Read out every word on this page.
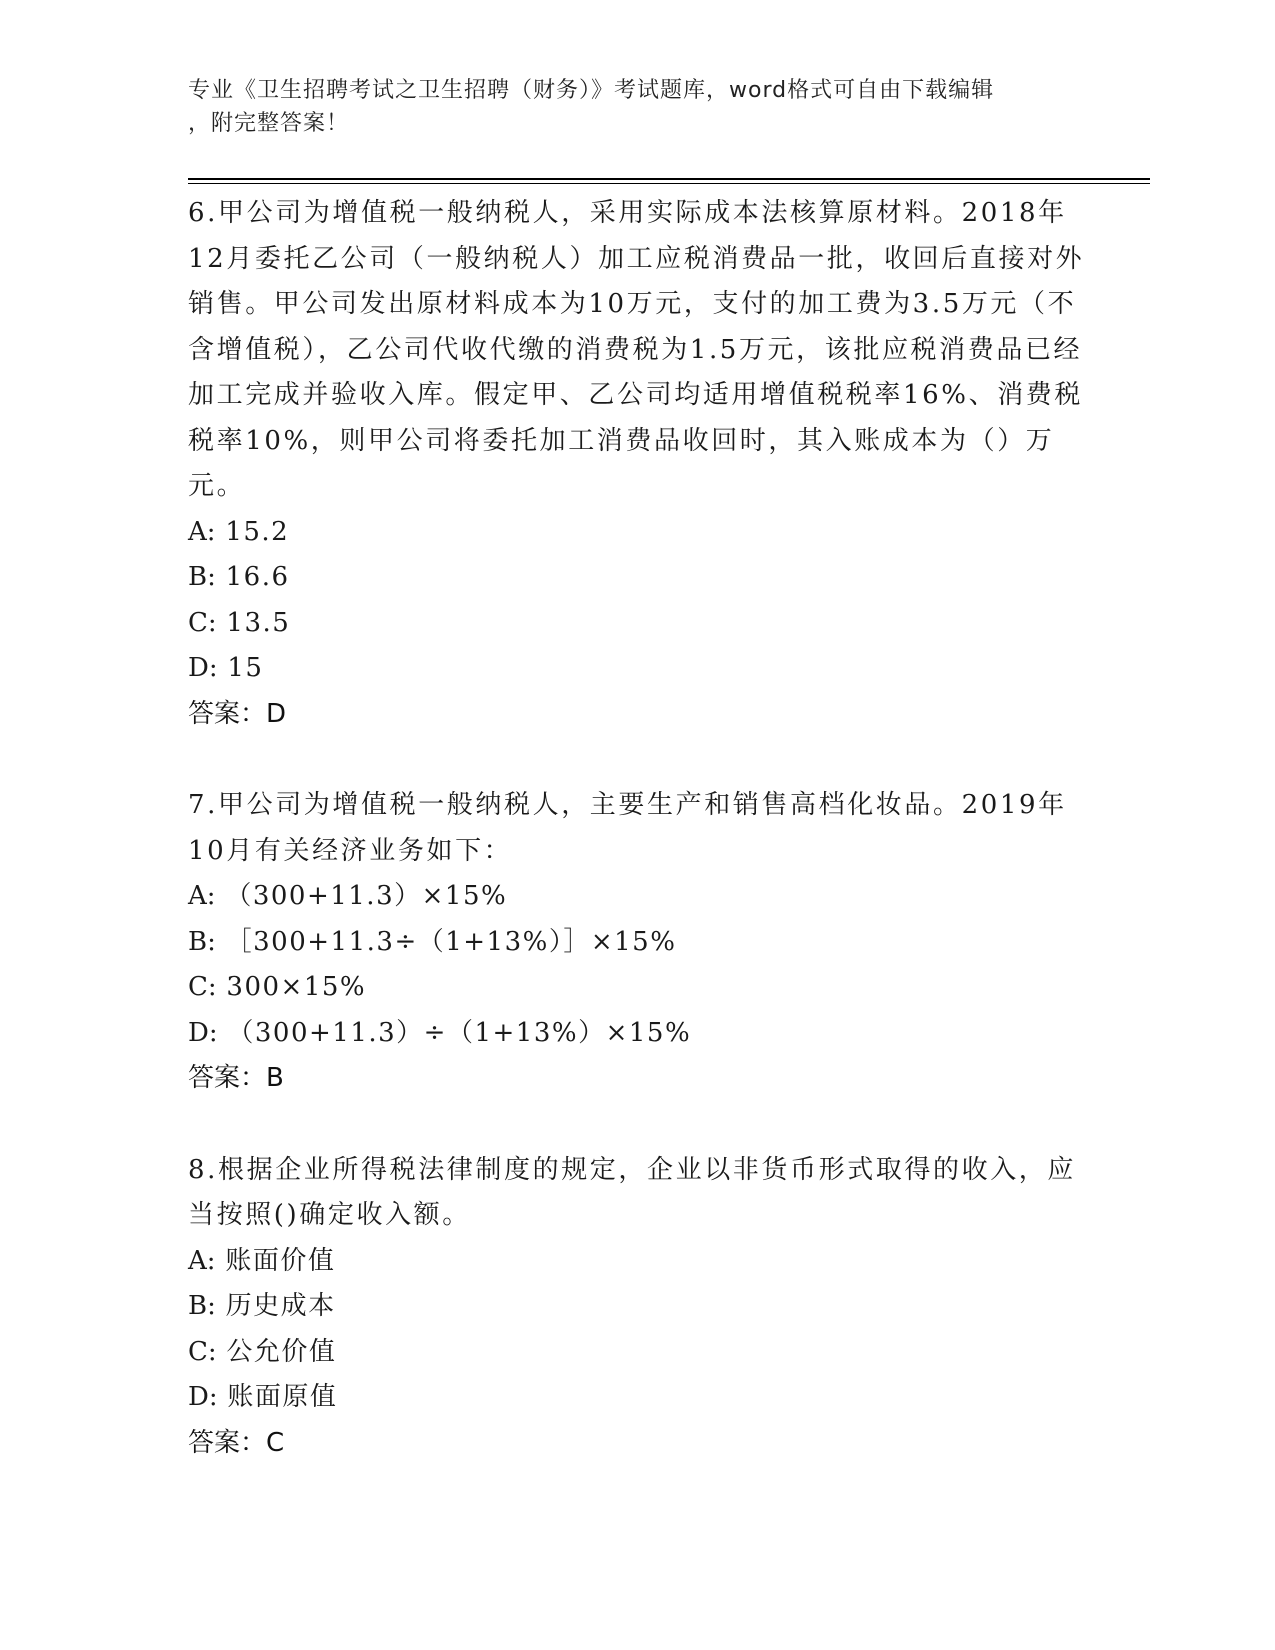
专业《卫生招聘考试之卫生招聘（财务）》考试题库，word格式可自由下载编辑
，附完整答案！
6.甲公司为增值税一般纳税人，采用实际成本法核算原材料。2018年12月委托乙公司（一般纳税人）加工应税消费品一批，收回后直接对外销售。甲公司发出原材料成本为10万元，支付的加工费为3.5万元（不含增值税），乙公司代收代缴的消费税为1.5万元，该批应税消费品已经加工完成并验收入库。假定甲、乙公司均适用增值税税率16%、消费税税率10%，则甲公司将委托加工消费品收回时，其入账成本为（）万元。
A: 15.2
B: 16.6
C: 13.5
D: 15
答案：D
7.甲公司为增值税一般纳税人，主要生产和销售高档化妆品。2019年10月有关经济业务如下：
A: （300+11.3）×15%
B: ［300+11.3÷（1+13%）］×15%
C: 300×15%
D: （300+11.3）÷（1+13%）×15%
答案：B
8.根据企业所得税法律制度的规定，企业以非货币形式取得的收入，应当按照()确定收入额。
A: 账面价值
B: 历史成本
C: 公允价值
D: 账面原值
答案：C
